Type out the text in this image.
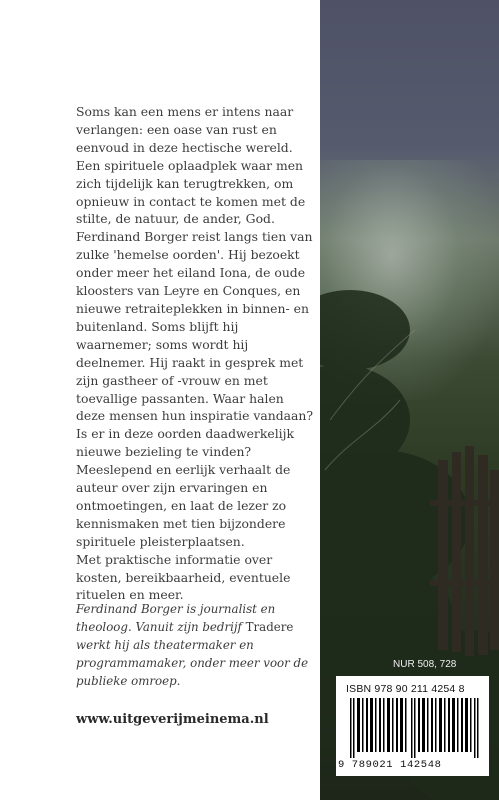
Soms kan een mens er intens naar verlangen: een oase van rust en eenvoud in deze hectische wereld. Een spirituele oplaadplek waar men zich tijdelijk kan terugtrekken, om opnieuw in contact te komen met de stilte, de natuur, de ander, God. Ferdinand Borger reist langs tien van zulke 'hemelse oorden'. Hij bezoekt onder meer het eiland Iona, de oude kloosters van Leyre en Conques, en nieuwe retraiteplekken in binnen- en buitenland. Soms blijft hij waarnemer; soms wordt hij deelnemer. Hij raakt in gesprek met zijn gastheer of -vrouw en met toevallige passanten. Waar halen deze mensen hun inspiratie vandaan? Is er in deze oorden daadwerkelijk nieuwe bezieling te vinden? Meeslepend en eerlijk verhaalt de auteur over zijn ervaringen en ontmoetingen, en laat de lezer zo kennismaken met tien bijzondere spirituele pleisterplaatsen.

Met praktische informatie over kosten, bereikbaarheid, eventuele rituelen en meer.

Ferdinand Borger is journalist en theoloog. Vanuit zijn bedrijf Tradere werkt hij als theatermaker en programmamaker, onder meer voor de publieke omroep.
www.uitgeverijmeinema.nl
NUR 508, 728
ISBN 978 90 211 4254 8
9 789021 142548
